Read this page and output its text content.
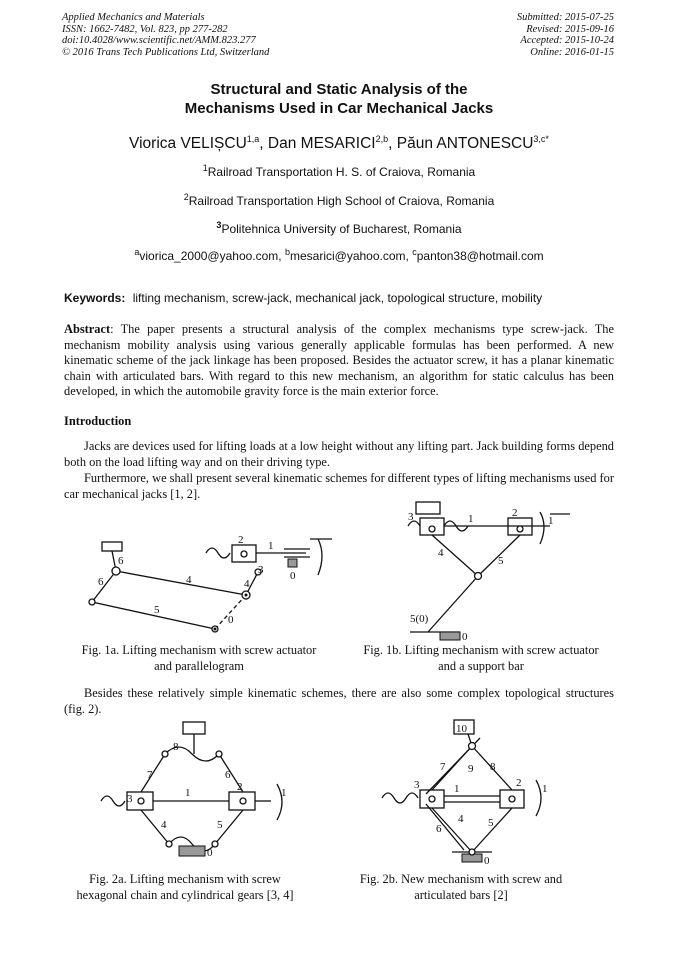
Applied Mechanics and Materials
ISSN: 1662-7482, Vol. 823, pp 277-282
doi:10.4028/www.scientific.net/AMM.823.277
© 2016 Trans Tech Publications Ltd, Switzerland
Submitted: 2015-07-25
Revised: 2015-09-16
Accepted: 2015-10-24
Online: 2016-01-15
Structural and Static Analysis of the
Mechanisms Used in Car Mechanical Jacks
Viorica VELIȘCU$^{1,a}$, Dan MESARICI$^{2,b}$, Păun $ANTONESCU^{3,c*}$
$^1$Railroad Transportation H. S. of Craiova, Romania
$^2$Railroad Transportation High School of Craiova, Romania
$^3$Politehnica University of Bucharest, Romania
$^a$viorica_2000@yahoo.com, $^b$mesarici@yahoo.com, $^c$panton38@hotmail.com
Keywords: lifting mechanism, screw-jack, mechanical jack, topological structure, mobility
Abstract: The paper presents a structural analysis of the complex mechanisms type screw-jack. The mechanism mobility analysis using various generally applicable formulas has been performed. A new kinematic scheme of the jack linkage has been proposed. Besides the actuator screw, it has a planar kinematic chain with articulated bars. With regard to this new mechanism, an algorithm for static calculus has been developed, in which the automobile gravity force is the main exterior force.
Introduction
Jacks are devices used for lifting loads at a low height without any lifting part. Jack building forms depend both on the load lifting way and on their driving type.
Furthermore, we shall present several kinematic schemes for different types of lifting mechanisms used for car mechanical jacks [1, 2].
6
6	4	4
5
0
2
3
1
0
Fig. 1a. Lifting mechanism with screw actuator
and parallelogram
3	1	2
1
4
5
5(0)
0
Fig. 1b. Lifting mechanism with screw actuator
and a support bar
Besides these relatively simple kinematic schemes, there are also some complex topological structures (fig. 2).
8
7	6
3	1	2	1
4	5
0
Fig. 2a. Lifting mechanism with screw
hexagonal chain and cylindrical gears [3, 4]
10
7 9 8
3	1	2 1
4 5
6
0
Fig. 2b. New mechanism with screw and
articulated bars [2]
